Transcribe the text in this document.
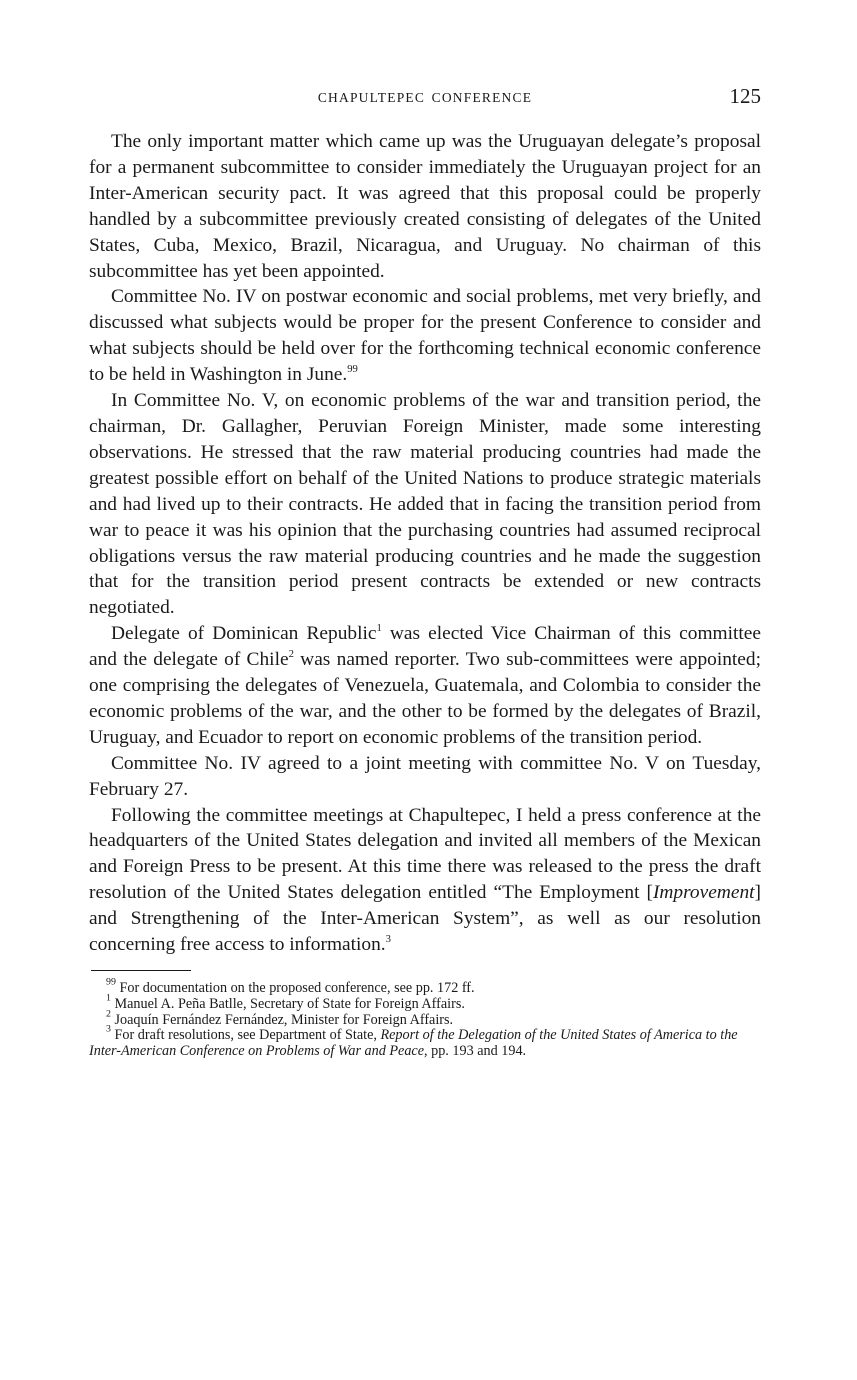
CHAPULTEPEC CONFERENCE	125

The only important matter which came up was the Uruguayan delegate’s proposal for a permanent subcommittee to consider immediately the Uruguayan project for an Inter-American security pact. It was agreed that this proposal could be properly handled by a subcommittee previously created consisting of delegates of the United States, Cuba, Mexico, Brazil, Nicaragua, and Uruguay. No chairman of this subcommittee has yet been appointed.

Committee No. IV on postwar economic and social problems, met very briefly, and discussed what subjects would be proper for the present Conference to consider and what subjects should be held over for the forthcoming technical economic conference to be held in Washington in June.$^{99}$

In Committee No. V, on economic problems of the war and transition period, the chairman, Dr. Gallagher, Peruvian Foreign Minister, made some interesting observations. He stressed that the raw material producing countries had made the greatest possible effort on behalf of the United Nations to produce strategic materials and had lived up to their contracts. He added that in facing the transition period from war to peace it was his opinion that the purchasing countries had assumed reciprocal obligations versus the raw material producing countries and he made the suggestion that for the transition period present contracts be extended or new contracts negotiated.

Delegate of Dominican Republic$^1$ was elected Vice Chairman of this committee and the delegate of Chile$^2$ was named reporter. Two sub-committees were appointed; one comprising the delegates of Venezuela, Guatemala, and Colombia to consider the economic problems of the war, and the other to be formed by the delegates of Brazil, Uruguay, and Ecuador to report on economic problems of the transition period.

Committee No. IV agreed to a joint meeting with committee No. V on Tuesday, February 27.

Following the committee meetings at Chapultepec, I held a press conference at the headquarters of the United States delegation and invited all members of the Mexican and Foreign Press to be present. At this time there was released to the press the draft resolution of the United States delegation entitled “The Employment [Improvement] and Strengthening of the Inter-American System”, as well as our resolution concerning free access to information.$^3$

$^{99}$ For documentation on the proposed conference, see pp. 172 ff.

$^1$ Manuel A. Peña Batlle, Secretary of State for Foreign Affairs.

$^2$ Joaquín Fernández Fernández, Minister for Foreign Affairs.

$^3$ For draft resolutions, see Department of State, Report of the Delegation of the United States of America to the Inter-American Conference on Problems of War and Peace, pp. 193 and 194.
